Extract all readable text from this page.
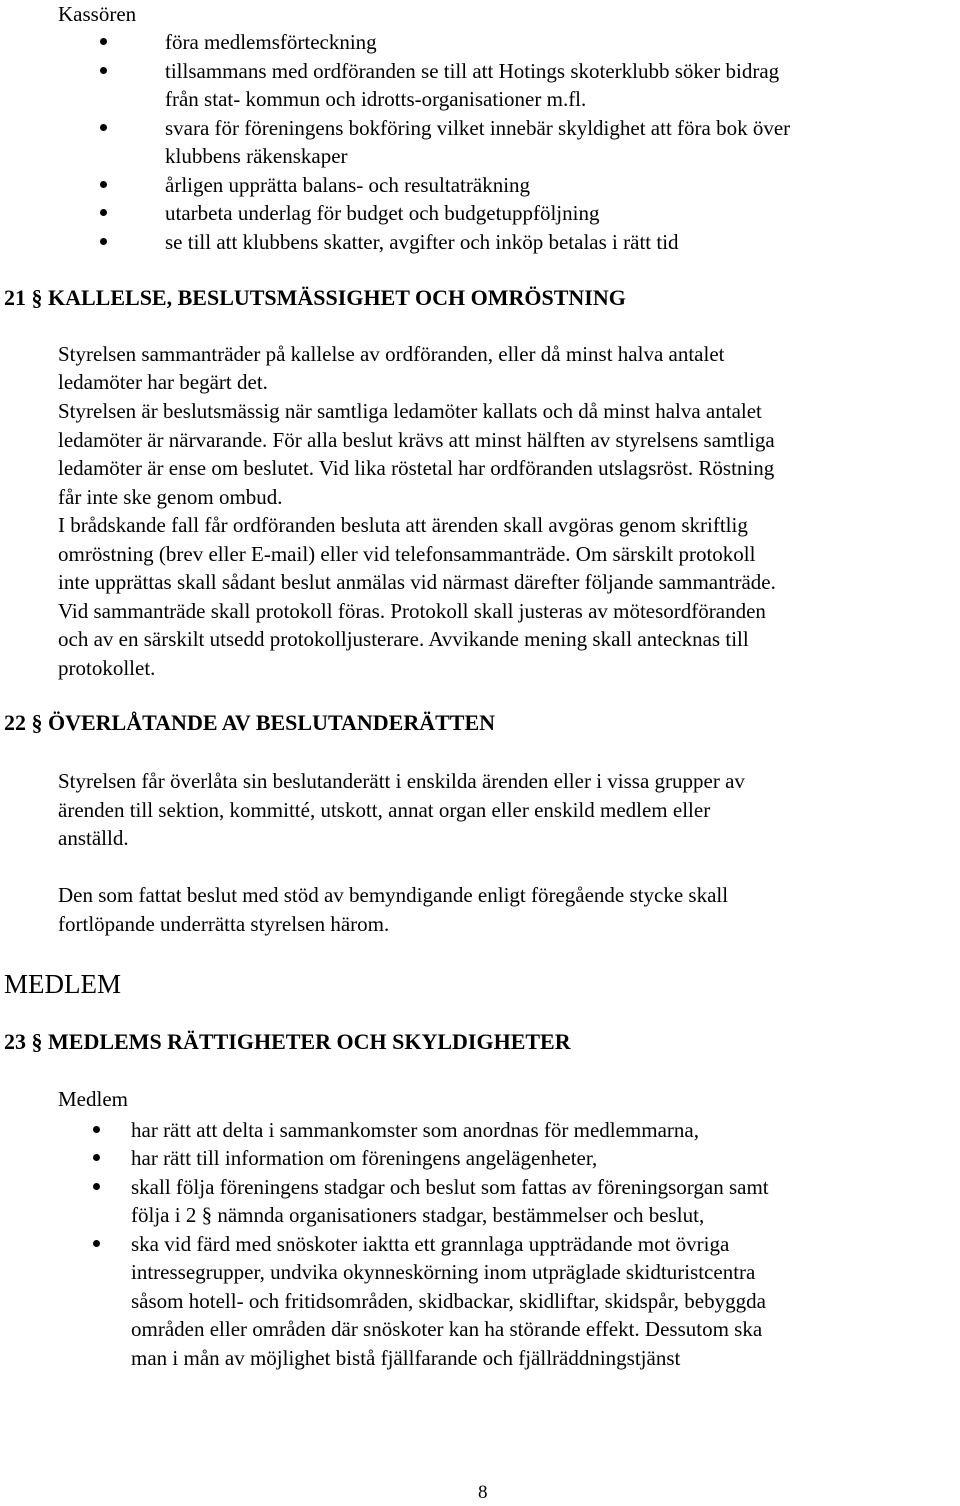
Kassören
föra medlemsförteckning
tillsammans med ordföranden se till att Hotings skoterklubb söker bidrag
från stat- kommun och idrotts-organisationer m.fl.
svara för föreningens bokföring vilket innebär skyldighet att föra bok över
klubbens räkenskaper
årligen upprätta balans- och resultaträkning
utarbeta underlag för budget och budgetuppföljning
se till att klubbens skatter, avgifter och inköp betalas i rätt tid
21 § KALLELSE, BESLUTSMÄSSIGHET OCH OMRÖSTNING
Styrelsen sammanträder på kallelse av ordföranden, eller då minst halva antalet
ledamöter har begärt det.
Styrelsen är beslutsmässig när samtliga ledamöter kallats och då minst halva antalet
ledamöter är närvarande. För alla beslut krävs att minst hälften av styrelsens samtliga
ledamöter är ense om beslutet. Vid lika röstetal har ordföranden utslagsröst. Röstning
får inte ske genom ombud.
I brådskande fall får ordföranden besluta att ärenden skall avgöras genom skriftlig
omröstning (brev eller E-mail) eller vid telefonsammanträde. Om särskilt protokoll
inte upprättas skall sådant beslut anmälas vid närmast därefter följande sammanträde.
Vid sammanträde skall protokoll föras. Protokoll skall justeras av mötesordföranden
och av en särskilt utsedd protokolljusterare. Avvikande mening skall antecknas till
protokollet.
22 § ÖVERLÅTANDE AV BESLUTANDERÄTTEN
Styrelsen får överlåta sin beslutanderätt i enskilda ärenden eller i vissa grupper av
ärenden till sektion, kommitté, utskott, annat organ eller enskild medlem eller
anställd.
Den som fattat beslut med stöd av bemyndigande enligt föregående stycke skall
fortlöpande underrätta styrelsen härom.
MEDLEM
23 § MEDLEMS RÄTTIGHETER OCH SKYLDIGHETER
Medlem
har rätt att delta i sammankomster som anordnas för medlemmarna,
har rätt till information om föreningens angelägenheter,
skall följa föreningens stadgar och beslut som fattas av föreningsorgan samt
följa i 2 § nämnda organisationers stadgar, bestämmelser och beslut,
ska vid färd med snöskoter iaktta ett grannlaga uppträdande mot övriga
intressegrupper, undvika okynneskörning inom utpräglade skidturistcentra
såsom hotell- och fritidsområden, skidbackar, skidliftar, skidspår, bebyggda
områden eller områden där snöskoter kan ha störande effekt. Dessutom ska
man i mån av möjlighet bistå fjällfarande och fjällräddningstjänst
8
